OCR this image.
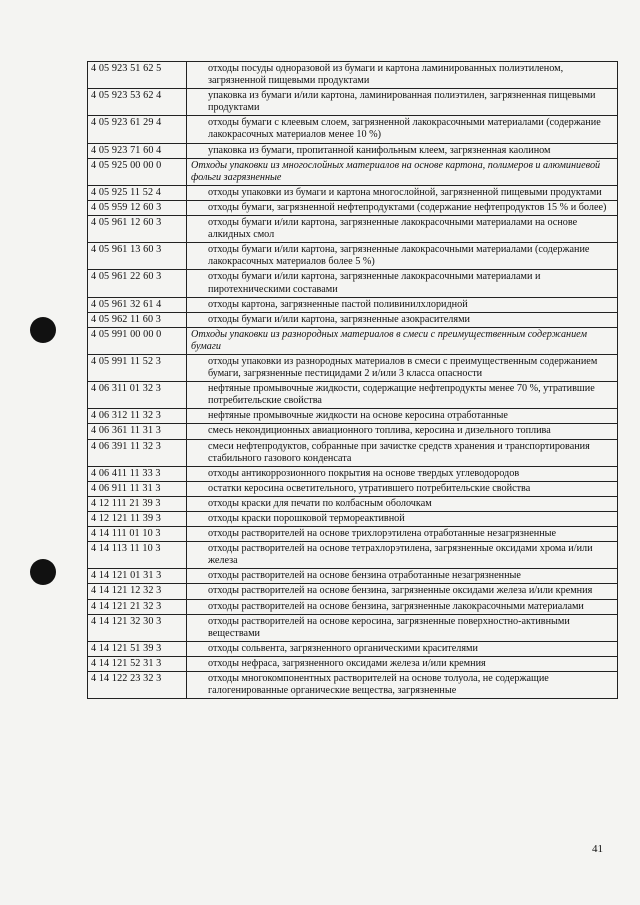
4 05 923 51 62 5	отходы посуды одноразовой из бумаги и картона ламинированных полиэтиленом, загрязненной пищевыми продуктами

4 05 923 53 62 4	упаковка из бумаги и/или картона, ламинированная полиэтилен, загрязненная пищевыми продуктами

4 05 923 61 29 4	отходы бумаги с клеевым слоем, загрязненной лакокрасочными материалами (содержание лакокрасочных материалов менее 10 %)

4 05 923 71 60 4	упаковка из бумаги, пропитанной канифольным клеем, загрязненная каолином

4 05 925 00 00 0	Отходы упаковки из многослойных материалов на основе картона, полимеров и алюминиевой фольги загрязненные

4 05 925 11 52 4	отходы упаковки из бумаги и картона многослойной, загрязненной пищевыми продуктами

4 05 959 12 60 3	отходы бумаги, загрязненной нефтепродуктами (содержание нефтепродуктов 15 % и более)

4 05 961 12 60 3	отходы бумаги и/или картона, загрязненные лакокрасочными материалами на основе алкидных смол

4 05 961 13 60 3	отходы бумаги и/или картона, загрязненные лакокрасочными материалами (содержание лакокрасочных материалов более 5 %)

4 05 961 22 60 3	отходы бумаги и/или картона, загрязненные лакокрасочными материалами и пиротехническими составами

4 05 961 32 61 4	отходы картона, загрязненные пастой поливинилхлоридной

4 05 962 11 60 3	отходы бумаги и/или картона, загрязненные азокрасителями

4 05 991 00 00 0	Отходы упаковки из разнородных материалов в смеси с преимущественным содержанием бумаги

4 05 991 11 52 3	отходы упаковки из разнородных материалов в смеси с преимущественным содержанием бумаги, загрязненные пестицидами 2 и/или 3 класса опасности

4 06 311 01 32 3	нефтяные промывочные жидкости, содержащие нефтепродукты менее 70 %, утратившие потребительские свойства

4 06 312 11 32 3	нефтяные промывочные жидкости на основе керосина отработанные

4 06 361 11 31 3	смесь некондиционных авиационного топлива, керосина и дизельного топлива

4 06 391 11 32 3	смеси нефтепродуктов, собранные при зачистке средств хранения и транспортирования стабильного газового конденсата

4 06 411 11 33 3	отходы антикоррозионного покрытия на основе твердых углеводородов

4 06 911 11 31 3	остатки керосина осветительного, утратившего потребительские свойства

4 12 111 21 39 3	отходы краски для печати по колбасным оболочкам

4 12 121 11 39 3	отходы краски порошковой термореактивной

4 14 111 01 10 3	отходы растворителей на основе трихлорэтилена отработанные незагрязненные

4 14 113 11 10 3	отходы растворителей на основе тетрахлорэтилена, загрязненные оксидами хрома и/или железа

4 14 121 01 31 3	отходы растворителей на основе бензина отработанные незагрязненные

4 14 121 12 32 3	отходы растворителей на основе бензина, загрязненные оксидами железа и/или кремния

4 14 121 21 32 3	отходы растворителей на основе бензина, загрязненные лакокрасочными материалами

4 14 121 32 30 3	отходы растворителей на основе керосина, загрязненные поверхностно-активными веществами

4 14 121 51 39 3	отходы сольвента, загрязненного органическими красителями

4 14 121 52 31 3	отходы нефраса, загрязненного оксидами железа и/или кремния

4 14 122 23 32 3	отходы многокомпонентных растворителей на основе толуола, не содержащие галогенированные органические вещества, загрязненные
41
